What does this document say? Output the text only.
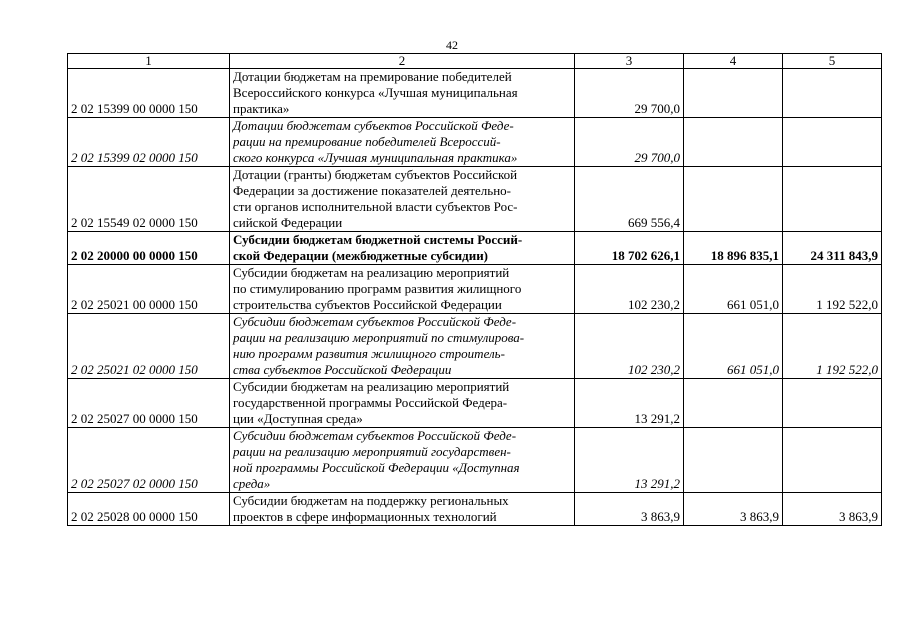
42
1	2	3	4	5
2 02 15399 00 0000 150	Дотации бюджетам на премирование победителей
Всероссийского конкурса «Лучшая муниципальная
практика»	29 700,0		
2 02 15399 02 0000 150	Дотации бюджетам субъектов Российской Феде-
рации на премирование победителей Всероссий-
ского конкурса «Лучшая муниципальная практика»	29 700,0		
2 02 15549 02 0000 150	Дотации (гранты) бюджетам субъектов Российской
Федерации за достижение показателей деятельно-
сти органов исполнительной власти субъектов Рос-
сийской Федерации	669 556,4		
2 02 20000 00 0000 150	Субсидии бюджетам бюджетной системы Россий-
ской Федерации (межбюджетные субсидии)	18 702 626,1	18 896 835,1	24 311 843,9
2 02 25021 00 0000 150	Субсидии бюджетам на реализацию мероприятий
по стимулированию программ развития жилищного
строительства субъектов Российской Федерации	102 230,2	661 051,0	1 192 522,0
2 02 25021 02 0000 150	Субсидии бюджетам субъектов Российской Феде-
рации на реализацию мероприятий по стимулирова-
нию программ развития жилищного строитель-
ства субъектов Российской Федерации	102 230,2	661 051,0	1 192 522,0
2 02 25027 00 0000 150	Субсидии бюджетам на реализацию мероприятий
государственной программы Российской Федера-
ции «Доступная среда»	13 291,2		
2 02 25027 02 0000 150	Субсидии бюджетам субъектов Российской Феде-
рации на реализацию мероприятий государствен-
ной программы Российской Федерации «Доступная
среда»	13 291,2		
2 02 25028 00 0000 150	Субсидии бюджетам на поддержку региональных
проектов в сфере информационных технологий	3 863,9	3 863,9	3 863,9
